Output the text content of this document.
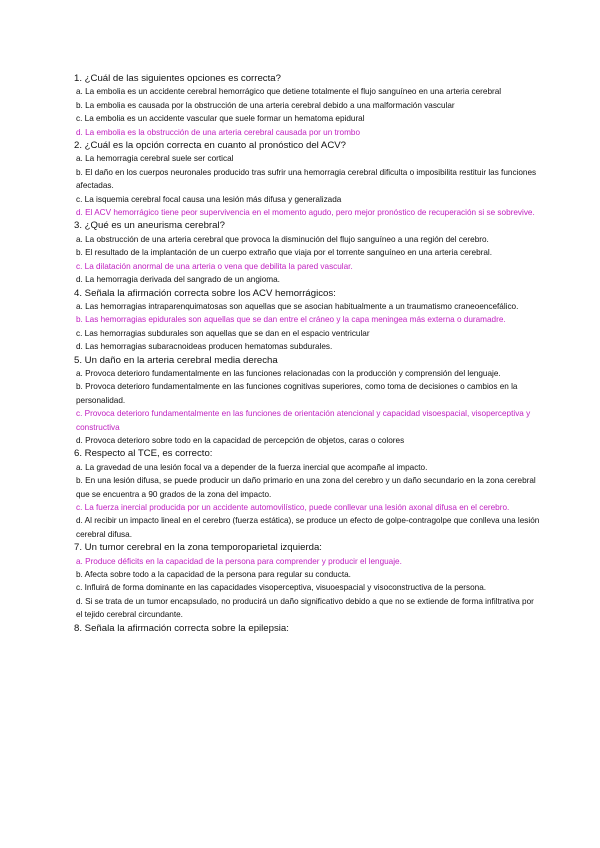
1. ¿Cuál de las siguientes opciones es correcta?
a. La embolia es un accidente cerebral hemorrágico que detiene totalmente el flujo sanguíneo en una arteria cerebral
b. La embolia es causada por la obstrucción de una arteria cerebral debido a una malformación vascular
c. La embolia es un accidente vascular que suele formar un hematoma epidural
d. La embolia es la obstrucción de una arteria cerebral causada por un trombo
2. ¿Cuál es la opción correcta en cuanto al pronóstico del ACV?
a. La hemorragia cerebral suele ser cortical
b. El daño en los cuerpos neuronales producido tras sufrir una hemorragia cerebral dificulta o imposibilita restituir las funciones afectadas.
c. La isquemia cerebral focal causa una lesión más difusa y generalizada
d. El ACV hemorrágico tiene peor supervivencia en el momento agudo, pero mejor pronóstico de recuperación si se sobrevive.
3. ¿Qué es un aneurisma cerebral?
a. La obstrucción de una arteria cerebral que provoca la disminución del flujo sanguíneo a una región del cerebro.
b. El resultado de la implantación de un cuerpo extraño que viaja por el torrente sanguíneo en una arteria cerebral.
c. La dilatación anormal de una arteria o vena que debilita la pared vascular.
d. La hemorragia derivada del sangrado de un angioma.
4. Señala la afirmación correcta sobre los ACV hemorrágicos:
a. Las hemorragias intraparenquimatosas son aquellas que se asocian habitualmente a un traumatismo craneoencefálico.
b. Las hemorragias epidurales son aquellas que se dan entre el cráneo y la capa meningea más externa o duramadre.
c. Las hemorragias subdurales son aquellas que se dan en el espacio ventricular
d. Las hemorragias subaracnoideas producen hematomas subdurales.
5. Un daño en la arteria cerebral media derecha
a. Provoca deterioro fundamentalmente en las funciones relacionadas con la producción y comprensión del lenguaje.
b. Provoca deterioro fundamentalmente en las funciones cognitivas superiores, como toma de decisiones o cambios en la personalidad.
c. Provoca deterioro fundamentalmente en las funciones de orientación atencional y capacidad visoespacial, visoperceptiva y constructiva
d. Provoca deterioro sobre todo en la capacidad de percepción de objetos, caras o colores
6. Respecto al TCE, es correcto:
a. La gravedad de una lesión focal va a depender de la fuerza inercial que acompañe al impacto.
b. En una lesión difusa, se puede producir un daño primario en una zona del cerebro y un daño secundario en la zona cerebral que se encuentra a 90 grados de la zona del impacto.
c. La fuerza inercial producida por un accidente automovilístico, puede conllevar una lesión axonal difusa en el cerebro.
d. Al recibir un impacto lineal en el cerebro (fuerza estática), se produce un efecto de golpe-contragolpe que conlleva una lesión cerebral difusa.
7. Un tumor cerebral en la zona temporoparietal izquierda:
a. Produce déficits en la capacidad de la persona para comprender y producir el lenguaje.
b. Afecta sobre todo a la capacidad de la persona para regular su conducta.
c. Influirá de forma dominante en las capacidades visoperceptiva, visuoespacial y visoconstructiva de la persona.
d. Si se trata de un tumor encapsulado, no producirá un daño significativo debido a que no se extiende de forma infiltrativa por el tejido cerebral circundante.
8. Señala la afirmación correcta sobre la epilepsia:
